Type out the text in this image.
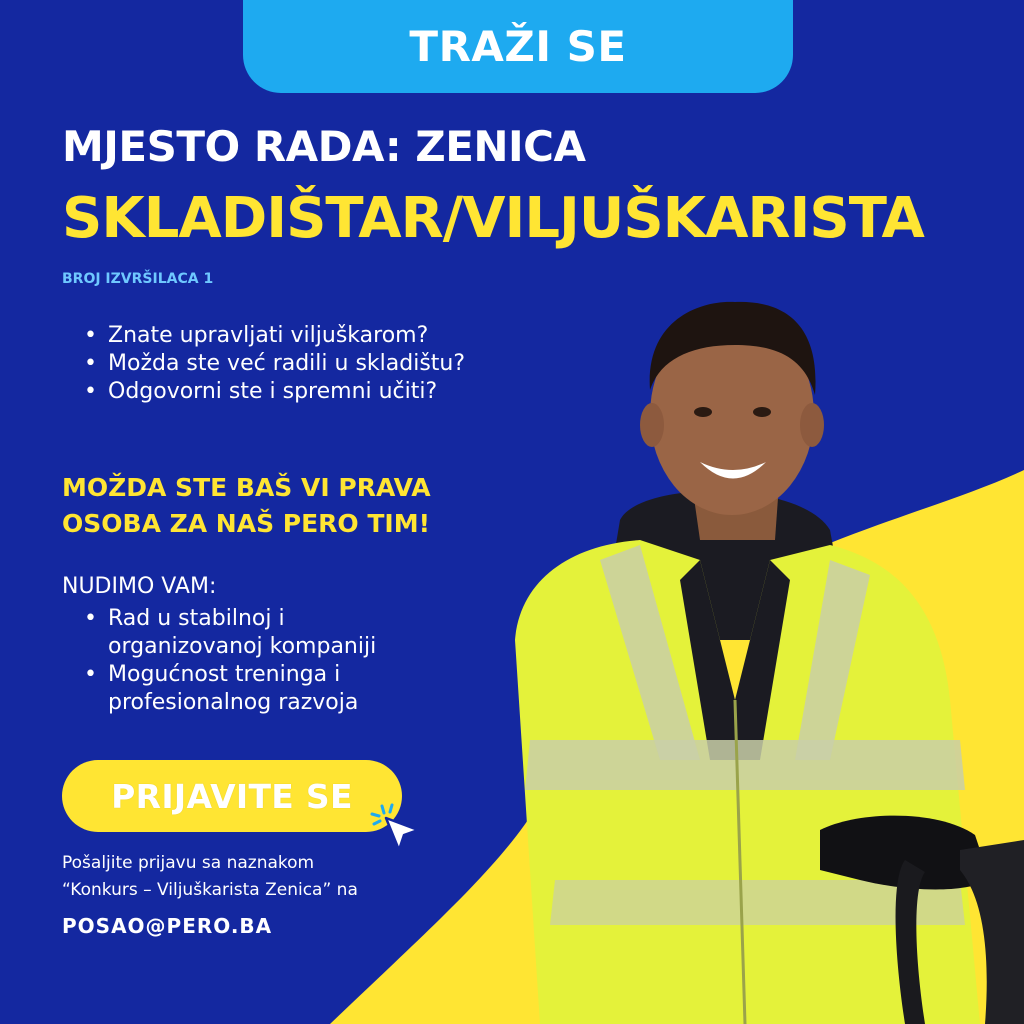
TRAŽI SE
MJESTO RADA: ZENICA
SKLADIŠTAR/VILJUŠKARISTA
BROJ IZVRŠILACA 1
• Znate upravljati viljuškarom?
• Možda ste već radili u skladištu?
• Odgovorni ste i spremni učiti?
MOŽDA STE BAŠ VI PRAVA
OSOBA ZA NAŠ PERO TIM!
NUDIMO VAM:
• Rad u stabilnoj i
organizovanoj kompaniji
• Mogućnost treninga i
profesionalnog razvoja
PRIJAVITE SE
Pošaljite prijavu sa naznakom
“Konkurs – Viljuškarista Zenica” na
POSAO@PERO.BA
